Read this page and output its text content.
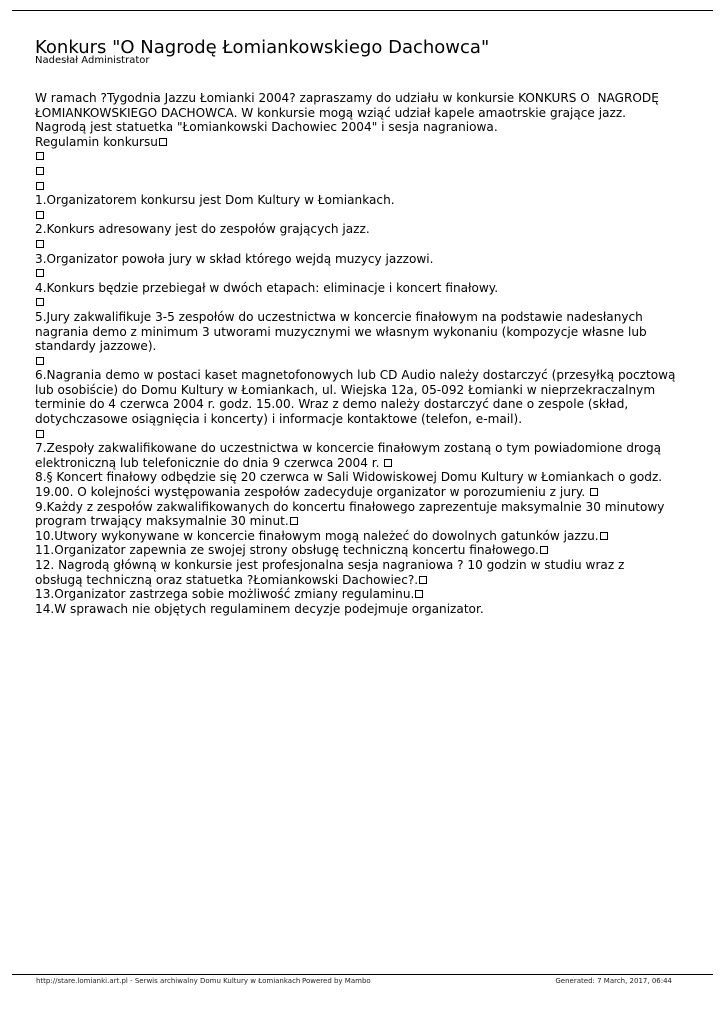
Konkurs "O Nagrodę Łomiankowskiego Dachowca"
Nadesłał Administrator
W ramach ?Tygodnia Jazzu Łomianki 2004? zapraszamy do udziału w konkursie KONKURS O  NAGRODĘ
ŁOMIANKOWSKIEGO DACHOWCA. W konkursie mogą wziąć udział kapele amaotrskie grające jazz.
Nagrodą jest statuetka "Łomiankowski Dachowiec 2004" i sesja nagraniowa.
Regulamin konkursu
1.Organizatorem konkursu jest Dom Kultury w Łomiankach.
2.Konkurs adresowany jest do zespołów grających jazz.
3.Organizator powoła jury w skład którego wejdą muzycy jazzowi.
4.Konkurs będzie przebiegał w dwóch etapach: eliminacje i koncert finałowy.
5.Jury zakwalifikuje 3-5 zespołów do uczestnictwa w koncercie finałowym na podstawie nadesłanych
nagrania demo z minimum 3 utworami muzycznymi we własnym wykonaniu (kompozycje własne lub
standardy jazzowe).
6.Nagrania demo w postaci kaset magnetofonowych lub CD Audio należy dostarczyć (przesyłką pocztową
lub osobiście) do Domu Kultury w Łomiankach, ul. Wiejska 12a, 05-092 Łomianki w nieprzekraczalnym
terminie do 4 czerwca 2004 r. godz. 15.00. Wraz z demo należy dostarczyć dane o zespole (skład,
dotychczasowe osiągnięcia i koncerty) i informacje kontaktowe (telefon, e-mail).
7.Zespoły zakwalifikowane do uczestnictwa w koncercie finałowym zostaną o tym powiadomione drogą
elektroniczną lub telefonicznie do dnia 9 czerwca 2004 r.
8.§ Koncert finałowy odbędzie się 20 czerwca w Sali Widowiskowej Domu Kultury w Łomiankach o godz.
19.00. O kolejności występowania zespołów zadecyduje organizator w porozumieniu z jury.
9.Każdy z zespołów zakwalifikowanych do koncertu finałowego zaprezentuje maksymalnie 30 minutowy
program trwający maksymalnie 30 minut.
10.Utwory wykonywane w koncercie finałowym mogą należeć do dowolnych gatunków jazzu.
11.Organizator zapewnia ze swojej strony obsługę techniczną koncertu finałowego.
12. Nagrodą główną w konkursie jest profesjonalna sesja nagraniowa ? 10 godzin w studiu wraz z
obsługą techniczną oraz statuetka ?Łomiankowski Dachowiec?.
13.Organizator zastrzega sobie możliwość zmiany regulaminu.
14.W sprawach nie objętych regulaminem decyzje podejmuje organizator.
http://stare.lomianki.art.pl - Serwis archiwalny Domu Kultury w Łomiankach Powered by Mambo	Generated: 7 March, 2017, 06:44
